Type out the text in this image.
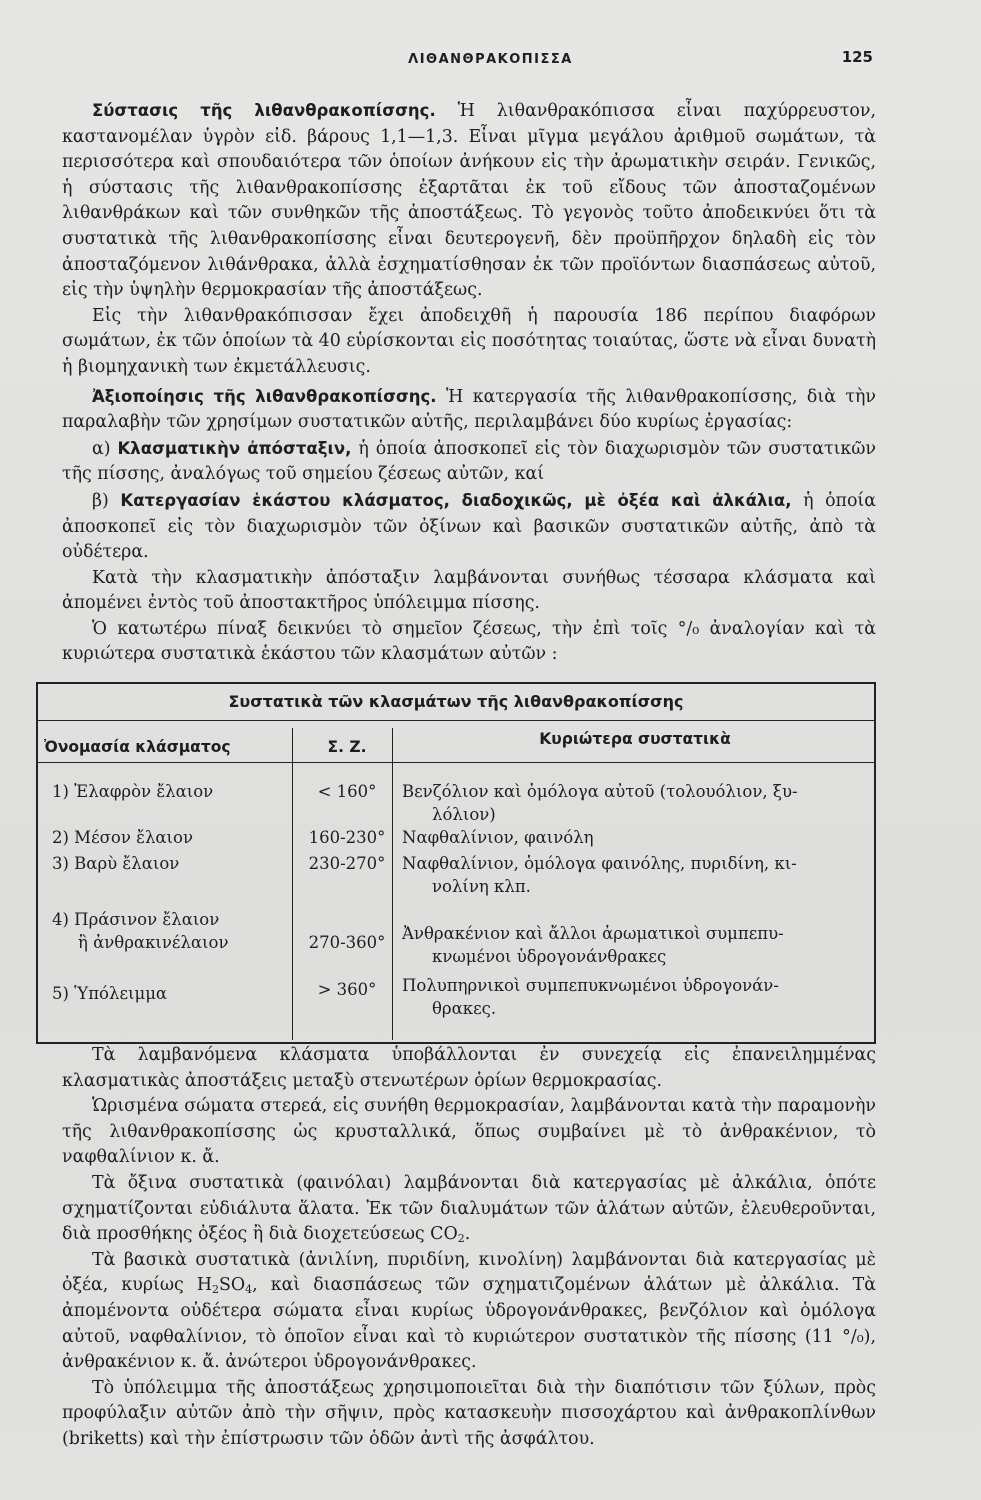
ΛΙΘΑΝΘΡΑΚΟΠΙΣΣΑ	125

Σύστασις τῆς λιθανθρακοπίσσης. Ἡ λιθανθρακόπισσα εἶναι παχύρρευστον, καστανομέλαν ὑγρὸν εἰδ. βάρους 1,1—1,3. Εἶναι μῖγμα μεγάλου ἀριθμοῦ σωμάτων, τὰ περισσότερα καὶ σπουδαιότερα τῶν ὁποίων ἀνήκουν εἰς τὴν ἀρωματικὴν σειράν. Γενικῶς, ἡ σύστασις τῆς λιθανθρακοπίσσης ἐξαρτᾶται ἐκ τοῦ εἴδους τῶν ἀποσταζομένων λιθανθράκων καὶ τῶν συνθηκῶν τῆς ἀποστάξεως. Τὸ γεγονὸς τοῦτο ἀποδεικνύει ὅτι τὰ συστατικὰ τῆς λιθανθρακοπίσσης εἶναι δευτερογενῆ, δὲν προϋπῆρχον δηλαδὴ εἰς τὸν ἀποσταζόμενον λιθάνθρακα, ἀλλὰ ἐσχηματίσθησαν ἐκ τῶν προϊόντων διασπάσεως αὐτοῦ, εἰς τὴν ὑψηλὴν θερμοκρασίαν τῆς ἀποστάξεως.

Εἰς τὴν λιθανθρακόπισσαν ἔχει ἀποδειχθῆ ἡ παρουσία 186 περίπου διαφόρων σωμάτων, ἐκ τῶν ὁποίων τὰ 40 εὑρίσκονται εἰς ποσότητας τοιαύτας, ὥστε νὰ εἶναι δυνατὴ ἡ βιομηχανικὴ των ἐκμετάλλευσις.

Ἀξιοποίησις τῆς λιθανθρακοπίσσης. Ἡ κατεργασία τῆς λιθανθρακοπίσσης, διὰ τὴν παραλαβὴν τῶν χρησίμων συστατικῶν αὐτῆς, περιλαμβάνει δύο κυρίως ἐργασίας:

α) Κλασματικὴν ἀπόσταξιν, ἡ ὁποία ἀποσκοπεῖ εἰς τὸν διαχωρισμὸν τῶν συστατικῶν τῆς πίσσης, ἀναλόγως τοῦ σημείου ζέσεως αὐτῶν, καί

β) Κατεργασίαν ἑκάστου κλάσματος, διαδοχικῶς, μὲ ὀξέα καὶ ἀλκάλια, ἡ ὁποία ἀποσκοπεῖ εἰς τὸν διαχωρισμὸν τῶν ὀξίνων καὶ βασικῶν συστατικῶν αὐτῆς, ἀπὸ τὰ οὐδέτερα.

Κατὰ τὴν κλασματικὴν ἀπόσταξιν λαμβάνονται συνήθως τέσσαρα κλάσματα καὶ ἀπομένει ἐντὸς τοῦ ἀποστακτῆρος ὑπόλειμμα πίσσης.

Ὁ κατωτέρω πίναξ δεικνύει τὸ σημεῖον ζέσεως, τὴν ἐπὶ τοῖς °/₀ ἀναλογίαν καὶ τὰ κυριώτερα συστατικὰ ἑκάστου τῶν κλασμάτων αὐτῶν :

Συστατικὰ τῶν κλασμάτων τῆς λιθανθρακοπίσσης
Ὀνομασία κλάσματος	Σ. Ζ.	Κυριώτερα συστατικὰ
1) Ἐλαφρὸν ἔλαιον	< 160°	Βενζόλιον καὶ ὁμόλογα αὐτοῦ (τολουόλιον, ξυ-
λόλιον)
2) Μέσον ἔλαιον	160-230°	Ναφθαλίνιον, φαινόλη
3) Βαρὺ ἔλαιον	230-270°	Ναφθαλίνιον, ὁμόλογα φαινόλης, πυριδίνη, κι-
νολίνη κλπ.
4) Πράσινον ἔλαιον
ἢ ἀνθρακινέλαιον	270-360°	Ἀνθρακένιον καὶ ἄλλοι ἀρωματικοὶ συμπεπυ-
κνωμένοι ὑδρογονάνθρακες
5) Ὑπόλειμμα	> 360°	Πολυπηρνικοὶ συμπεπυκνωμένοι ὑδρογονάν-
θρακες.

Τὰ λαμβανόμενα κλάσματα ὑποβάλλονται ἐν συνεχείᾳ εἰς ἐπανειλημμένας κλασματικὰς ἀποστάξεις μεταξὺ στενωτέρων ὁρίων θερμοκρασίας.

Ὡρισμένα σώματα στερεά, εἰς συνήθη θερμοκρασίαν, λαμβάνονται κατὰ τὴν παραμονὴν τῆς λιθανθρακοπίσσης ὡς κρυσταλλικά, ὅπως συμβαίνει μὲ τὸ ἀνθρακένιον, τὸ ναφθαλίνιον κ. ἄ.

Τὰ ὄξινα συστατικὰ (φαινόλαι) λαμβάνονται διὰ κατεργασίας μὲ ἀλκάλια, ὁπότε σχηματίζονται εὐδιάλυτα ἅλατα. Ἐκ τῶν διαλυμάτων τῶν ἁλάτων αὐτῶν, ἐλευθεροῦνται, διὰ προσθήκης ὀξέος ἢ διὰ διοχετεύσεως $CO_2$.

Τὰ βασικὰ συστατικὰ (ἀνιλίνη, πυριδίνη, κινολίνη) λαμβάνονται διὰ κατεργασίας μὲ ὀξέα, κυρίως $H_2SO_4$, καὶ διασπάσεως τῶν σχηματιζομένων ἁλάτων μὲ ἀλκάλια. Τὰ ἀπομένοντα οὐδέτερα σώματα εἶναι κυρίως ὑδρογονάνθρακες, βενζόλιον καὶ ὁμόλογα αὐτοῦ, ναφθαλίνιον, τὸ ὁποῖον εἶναι καὶ τὸ κυριώτερον συστατικὸν τῆς πίσσης (11 °/₀), ἀνθρακένιον κ. ἄ. ἀνώτεροι ὑδρογονάνθρακες.

Τὸ ὑπόλειμμα τῆς ἀποστάξεως χρησιμοποιεῖται διὰ τὴν διαπότισιν τῶν ξύλων, πρὸς προφύλαξιν αὐτῶν ἀπὸ τὴν σῆψιν, πρὸς κατασκευὴν πισσοχάρτου καὶ ἀνθρακοπλίνθων (briketts) καὶ τὴν ἐπίστρωσιν τῶν ὁδῶν ἀντὶ τῆς ἀσφάλτου.
